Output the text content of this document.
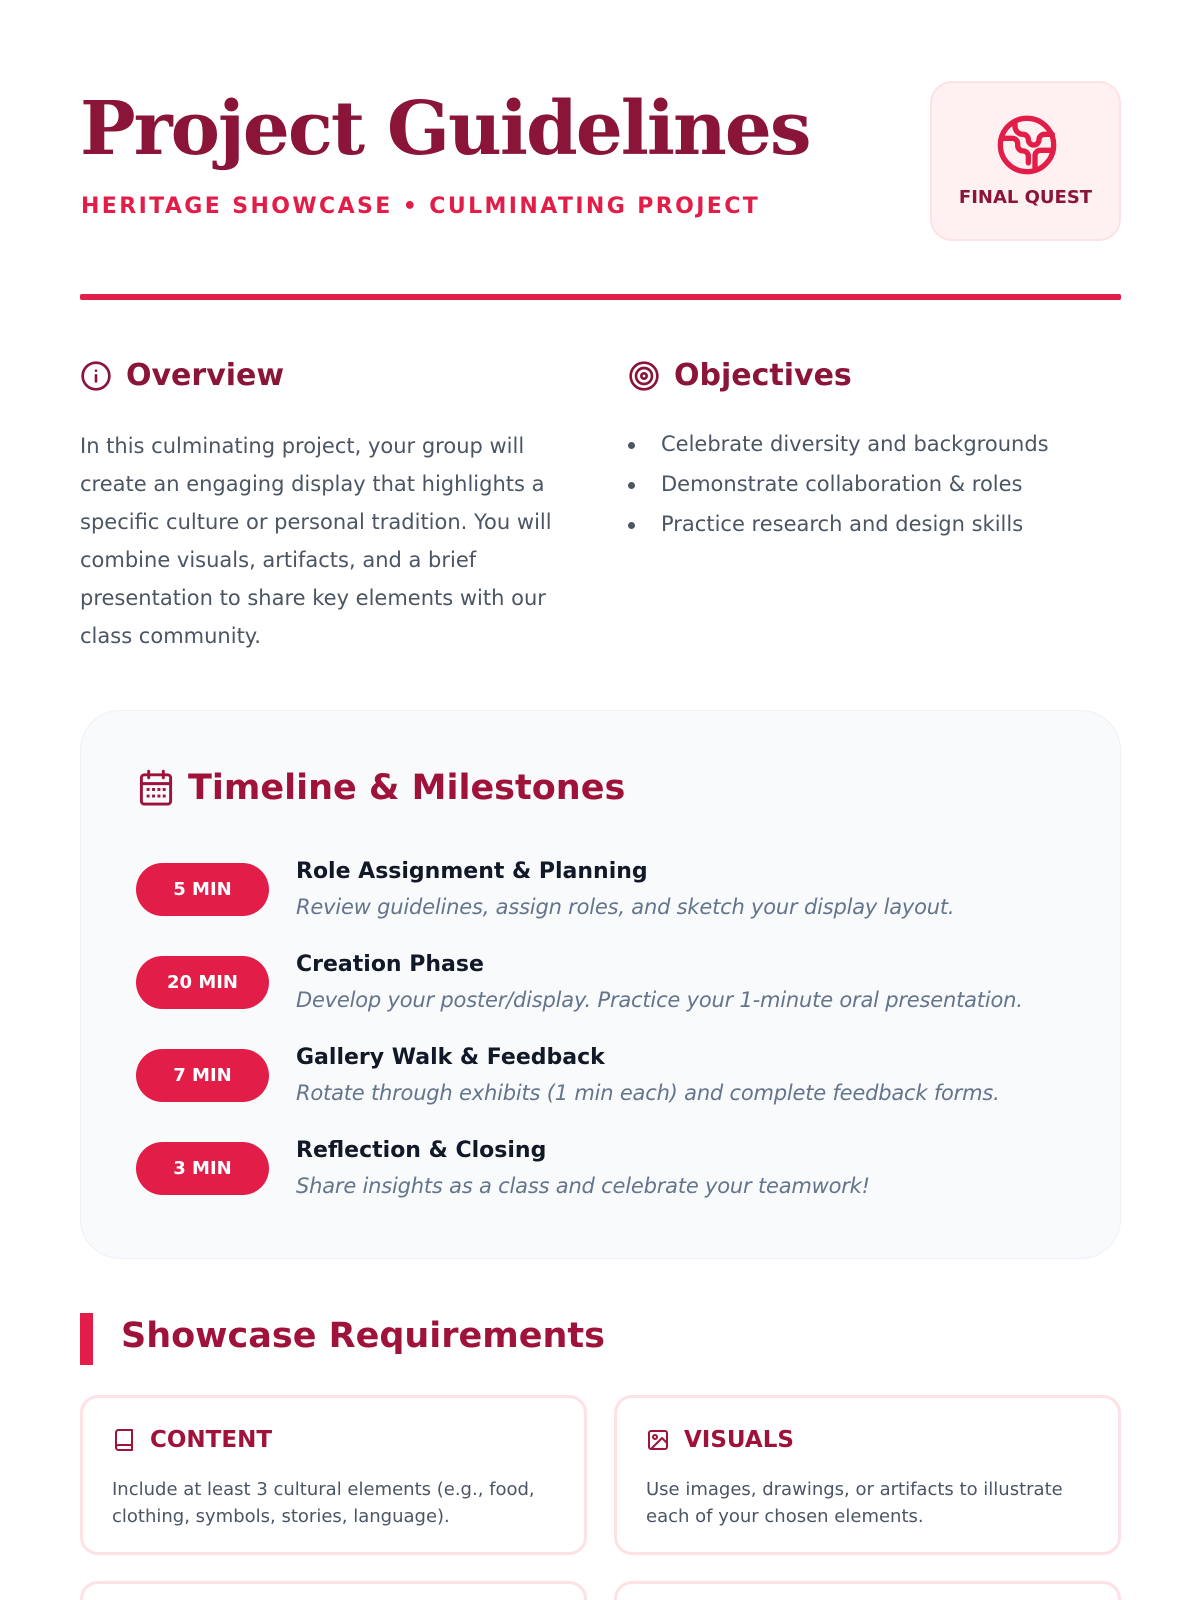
Project Guidelines
HERITAGE SHOWCASE • CULMINATING PROJECT	FINAL QUEST
Overview

In this culminating project, your group will create an engaging display that highlights a specific culture or personal tradition. You will combine visuals, artifacts, and a brief presentation to share key elements with our class community.

Objectives
Celebrate diversity and backgrounds
Demonstrate collaboration & roles
Practice research and design skills
Timeline & Milestones
5 MIN
Role Assignment & Planning
Review guidelines, assign roles, and sketch your display layout.
20 MIN
Creation Phase
Develop your poster/display. Practice your 1-minute oral presentation.
7 MIN
Gallery Walk & Feedback
Rotate through exhibits (1 min each) and complete feedback forms.
3 MIN
Reflection & Closing
Share insights as a class and celebrate your teamwork!
Showcase Requirements
CONTENT
Include at least 3 cultural elements (e.g., food, clothing, symbols, stories, language).
VISUALS
Use images, drawings, or artifacts to illustrate each of your chosen elements.
